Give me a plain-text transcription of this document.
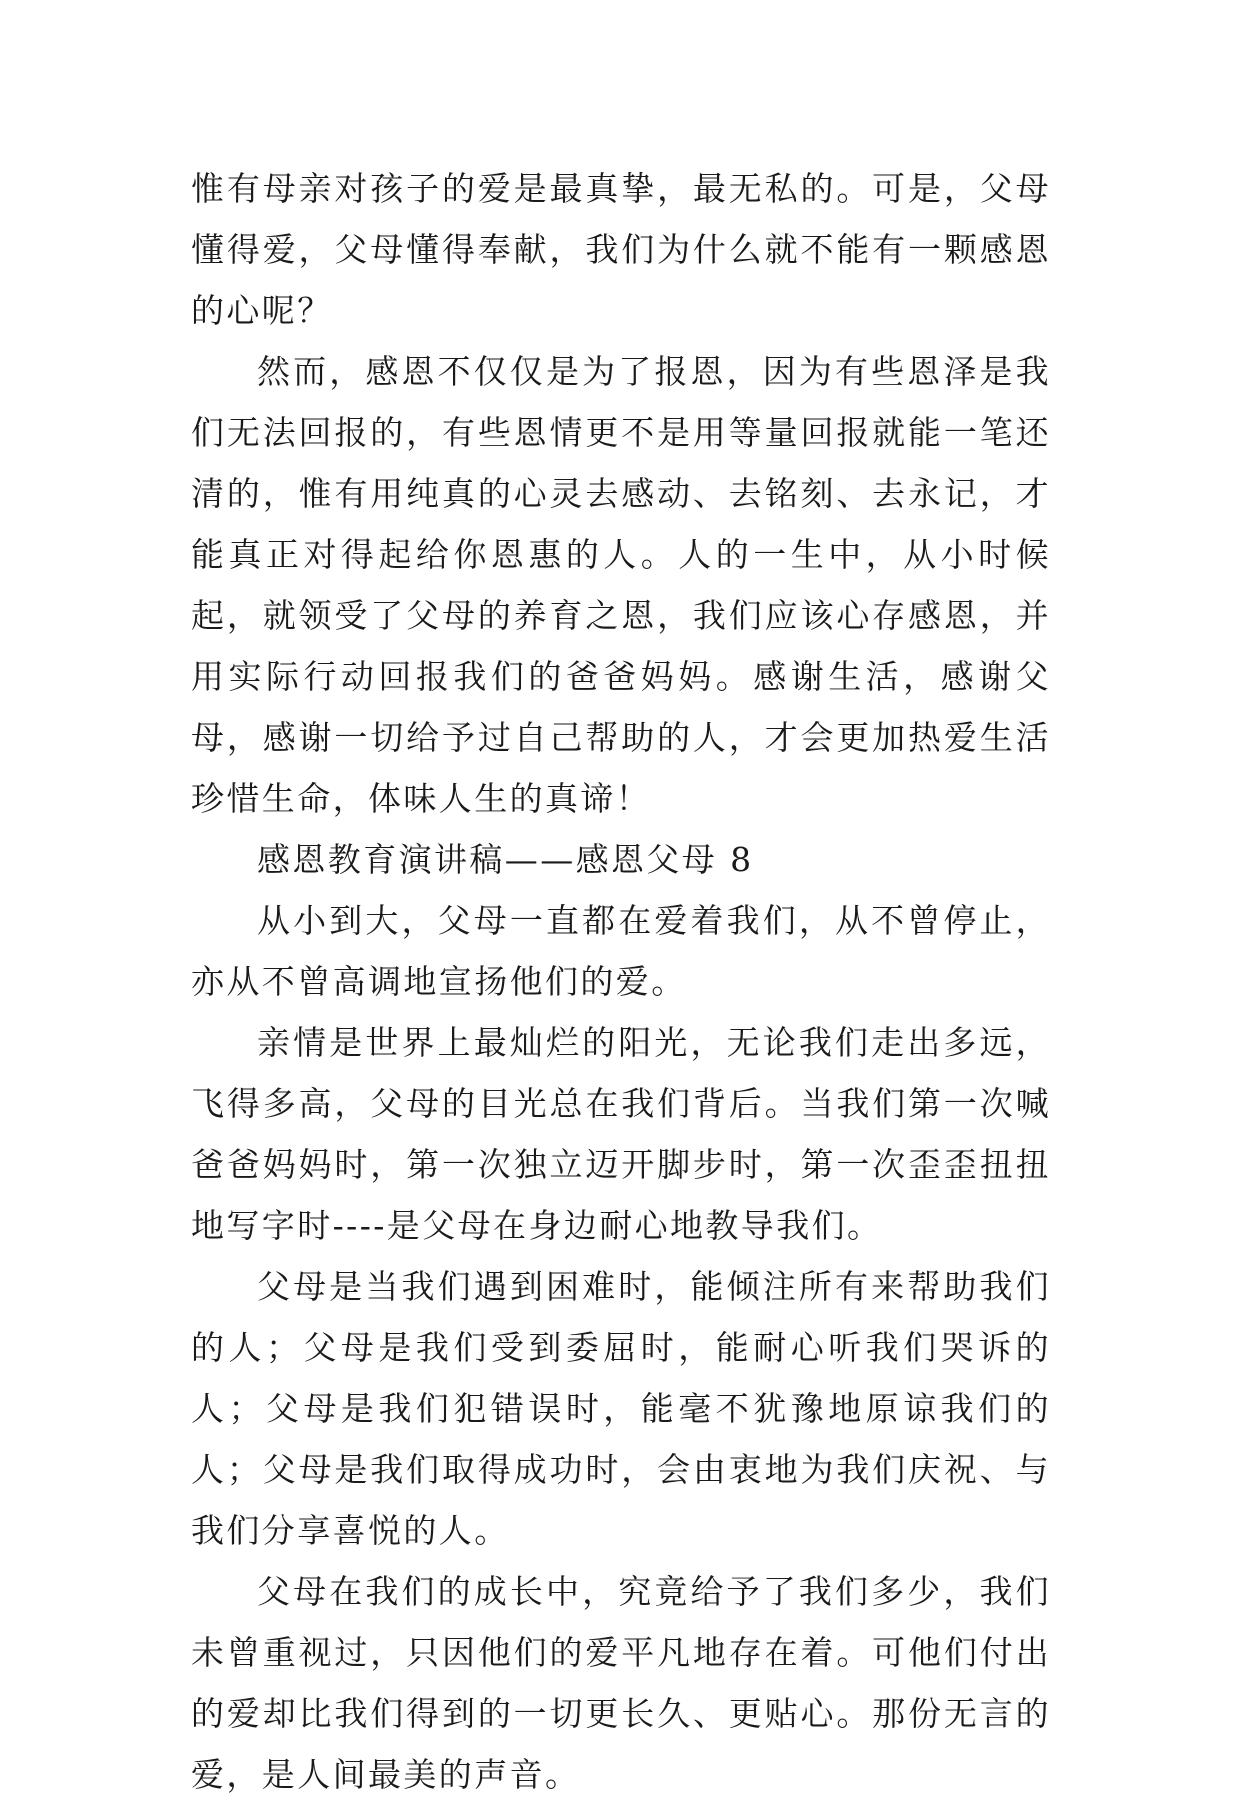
惟有母亲对孩子的爱是最真挚，最无私的。可是，父母懂得爱，父母懂得奉献，我们为什么就不能有一颗感恩的心呢？

然而，感恩不仅仅是为了报恩，因为有些恩泽是我们无法回报的，有些恩情更不是用等量回报就能一笔还清的，惟有用纯真的心灵去感动、去铭刻、去永记，才能真正对得起给你恩惠的人。人的一生中，从小时候起，就领受了父母的养育之恩，我们应该心存感恩，并用实际行动回报我们的爸爸妈妈。感谢生活，感谢父母，感谢一切给予过自己帮助的人，才会更加热爱生活珍惜生命，体味人生的真谛！

感恩教育演讲稿——感恩父母 8

从小到大，父母一直都在爱着我们，从不曾停止，亦从不曾高调地宣扬他们的爱。

亲情是世界上最灿烂的阳光，无论我们走出多远，飞得多高，父母的目光总在我们背后。当我们第一次喊爸爸妈妈时，第一次独立迈开脚步时，第一次歪歪扭扭地写字时----是父母在身边耐心地教导我们。

父母是当我们遇到困难时，能倾注所有来帮助我们的人；父母是我们受到委屈时，能耐心听我们哭诉的人；父母是我们犯错误时，能毫不犹豫地原谅我们的人；父母是我们取得成功时，会由衷地为我们庆祝、与我们分享喜悦的人。

父母在我们的成长中，究竟给予了我们多少，我们未曾重视过，只因他们的爱平凡地存在着。可他们付出的爱却比我们得到的一切更长久、更贴心。那份无言的爱，是人间最美的声音。
